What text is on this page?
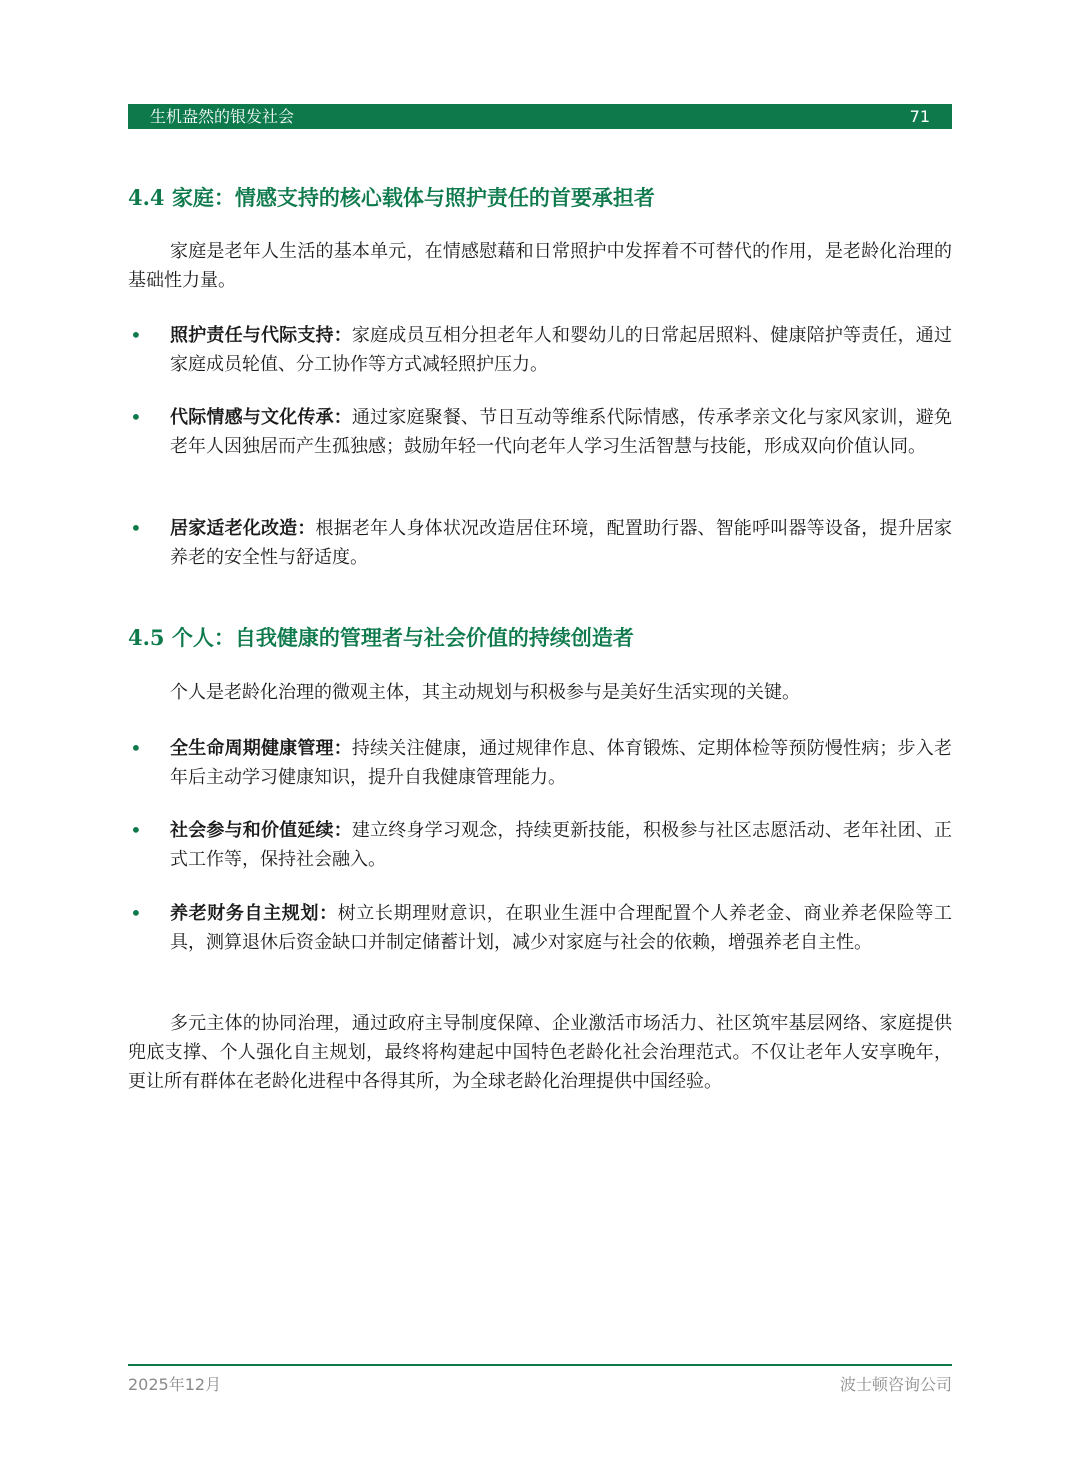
生机盎然的银发社会	71
4.4 家庭：情感支持的核心载体与照护责任的首要承担者

家庭是老年人生活的基本单元，在情感慰藉和日常照护中发挥着不可替代的作用，是老龄化治理的基础性力量。

•	照护责任与代际支持：家庭成员互相分担老年人和婴幼儿的日常起居照料、健康陪护等责任，通过家庭成员轮值、分工协作等方式减轻照护压力。
•	代际情感与文化传承：通过家庭聚餐、节日互动等维系代际情感，传承孝亲文化与家风家训，避免老年人因独居而产生孤独感；鼓励年轻一代向老年人学习生活智慧与技能，形成双向价值认同。
•	居家适老化改造：根据老年人身体状况改造居住环境，配置助行器、智能呼叫器等设备，提升居家养老的安全性与舒适度。
4.5 个人：自我健康的管理者与社会价值的持续创造者

个人是老龄化治理的微观主体，其主动规划与积极参与是美好生活实现的关键。

•	全生命周期健康管理：持续关注健康，通过规律作息、体育锻炼、定期体检等预防慢性病；步入老年后主动学习健康知识，提升自我健康管理能力。
•	社会参与和价值延续：建立终身学习观念，持续更新技能，积极参与社区志愿活动、老年社团、正式工作等，保持社会融入。
•	养老财务自主规划：树立长期理财意识，在职业生涯中合理配置个人养老金、商业养老保险等工具，测算退休后资金缺口并制定储蓄计划，减少对家庭与社会的依赖，增强养老自主性。

多元主体的协同治理，通过政府主导制度保障、企业激活市场活力、社区筑牢基层网络、家庭提供兜底支撑、个人强化自主规划，最终将构建起中国特色老龄化社会治理范式。不仅让老年人安享晚年，更让所有群体在老龄化进程中各得其所，为全球老龄化治理提供中国经验。

2025年12月	波士顿咨询公司
